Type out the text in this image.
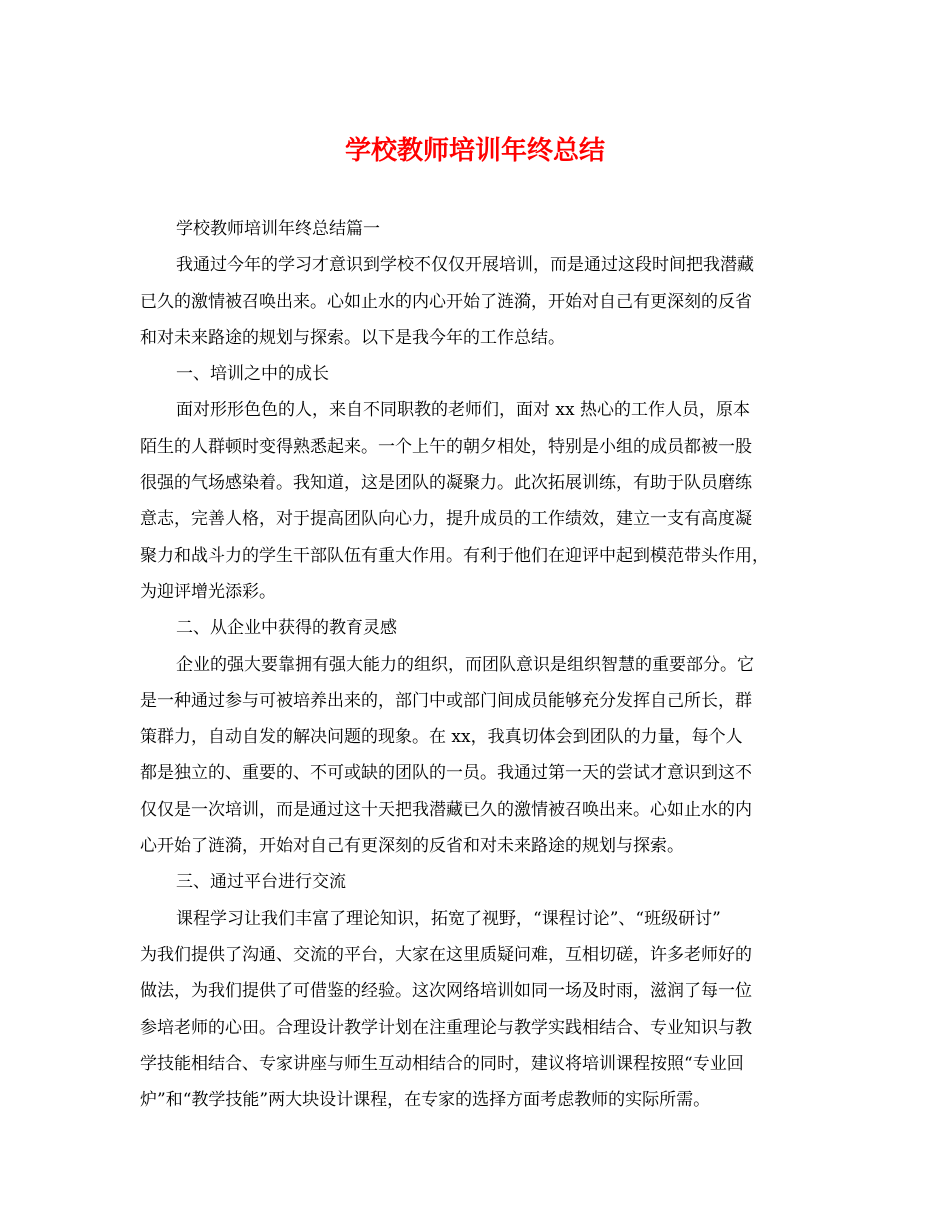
学校教师培训年终总结

学校教师培训年终总结篇一

我通过今年的学习才意识到学校不仅仅开展培训，而是通过这段时间把我潜藏

已久的激情被召唤出来。心如止水的内心开始了涟漪，开始对自己有更深刻的反省

和对未来路途的规划与探索。以下是我今年的工作总结。

一、培训之中的成长

面对形形色色的人，来自不同职教的老师们，面对 xx 热心的工作人员，原本

陌生的人群顿时变得熟悉起来。一个上午的朝夕相处，特别是小组的成员都被一股

很强的气场感染着。我知道，这是团队的凝聚力。此次拓展训练，有助于队员磨练

意志，完善人格，对于提高团队向心力，提升成员的工作绩效，建立一支有高度凝

聚力和战斗力的学生干部队伍有重大作用。有利于他们在迎评中起到模范带头作用，

为迎评增光添彩。

二、从企业中获得的教育灵感

企业的强大要靠拥有强大能力的组织，而团队意识是组织智慧的重要部分。它

是一种通过参与可被培养出来的，部门中或部门间成员能够充分发挥自己所长，群

策群力，自动自发的解决问题的现象。在 xx，我真切体会到团队的力量，每个人

都是独立的、重要的、不可或缺的团队的一员。我通过第一天的尝试才意识到这不

仅仅是一次培训，而是通过这十天把我潜藏已久的激情被召唤出来。心如止水的内

心开始了涟漪，开始对自己有更深刻的反省和对未来路途的规划与探索。

三、通过平台进行交流

课程学习让我们丰富了理论知识，拓宽了视野，“课程讨论”、“班级研讨”

为我们提供了沟通、交流的平台，大家在这里质疑问难，互相切磋，许多老师好的

做法，为我们提供了可借鉴的经验。这次网络培训如同一场及时雨，滋润了每一位

参培老师的心田。合理设计教学计划在注重理论与教学实践相结合、专业知识与教

学技能相结合、专家讲座与师生互动相结合的同时，建议将培训课程按照“专业回

炉”和“教学技能”两大块设计课程，在专家的选择方面考虑教师的实际所需。
